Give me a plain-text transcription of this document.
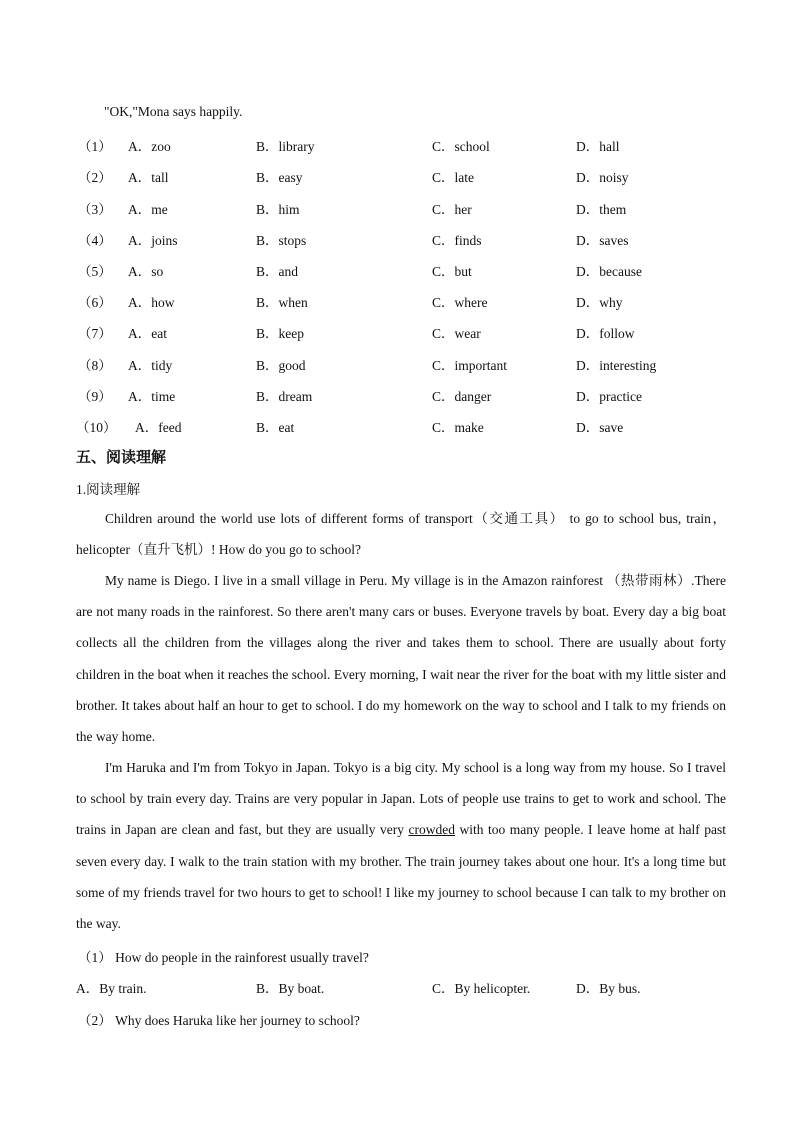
"OK,"Mona says happily.
（1） A．zoo	B．library	C．school	D．hall
（2） A．tall	B．easy	C．late	D．noisy
（3） A．me	B．him	C．her	D．them
（4） A．joins	B．stops	C．finds	D．saves
（5） A．so	B．and	C．but	D．because
（6） A．how	B．when	C．where	D．why
（7） A．eat	B．keep	C．wear	D．follow
（8） A．tidy	B．good	C．important	D．interesting
（9） A．time	B．dream	C．danger	D．practice
（10） A．feed	B．eat	C．make	D．save
五、阅读理解
1.阅读理解
Children around the world use lots of different forms of transport（交通工具） to go to school bus, train，helicopter（直升飞机）! How do you go to school?
My name is Diego. I live in a small village in Peru. My village is in the Amazon rainforest （热带雨林）.There are not many roads in the rainforest. So there aren't many cars or buses. Everyone travels by boat. Every day a big boat collects all the children from the villages along the river and takes them to school. There are usually about forty children in the boat when it reaches the school. Every morning, I wait near the river for the boat with my little sister and brother. It takes about half an hour to get to school. I do my homework on the way to school and I talk to my friends on the way home.
I'm Haruka and I'm from Tokyo in Japan. Tokyo is a big city. My school is a long way from my house. So I travel to school by train every day. Trains are very popular in Japan. Lots of people use trains to get to work and school. The trains in Japan are clean and fast, but they are usually very crowded with too many people. I leave home at half past seven every day. I walk to the train station with my brother. The train journey takes about one hour. It's a long time but some of my friends travel for two hours to get to school! I like my journey to school because I can talk to my brother on the way.
（1） How do people in the rainforest usually travel?
A．By train.	B．By boat.	C．By helicopter.	D．By bus.
（2） Why does Haruka like her journey to school?
